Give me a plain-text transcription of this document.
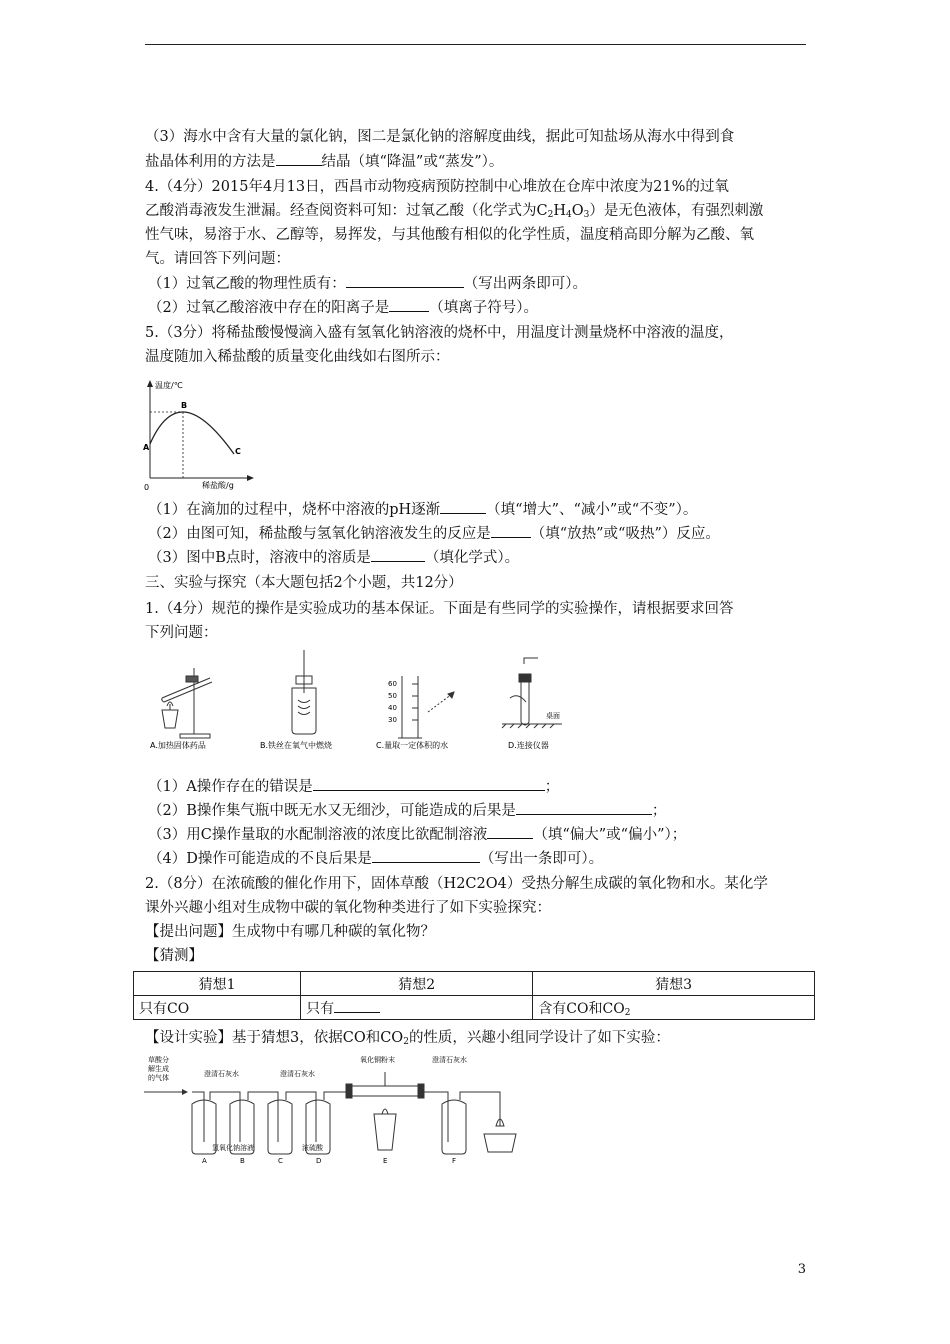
（3）海水中含有大量的氯化钠，图二是氯化钠的溶解度曲线，据此可知盐场从海水中得到食
盐晶体利用的方法是	结晶（填“降温”或“蒸发”）。
4.（4分）2015年4月13日，西昌市动物疫病预防控制中心堆放在仓库中浓度为21%的过氧
乙酸消毒液发生泄漏。经查阅资料可知：过氧乙酸（化学式为$C_2H_4O_3$）是无色液体，有强烈刺激
性气味，易溶于水、乙醇等，易挥发，与其他酸有相似的化学性质，温度稍高即分解为乙酸、氧
气。请回答下列问题：
（1）过氧乙酸的物理性质有：	（写出两条即可）。
（2）过氧乙酸溶液中存在的阳离子是	（填离子符号）。
5.（3分）将稀盐酸慢慢滴入盛有氢氧化钠溶液的烧杯中，用温度计测量烧杯中溶液的温度，
温度随加入稀盐酸的质量变化曲线如右图所示：
温度/℃
稀盐酸/g
0
A
B
C
（1）在滴加的过程中，烧杯中溶液的pH逐渐	（填“增大”、“减小”或“不变”）。
（2）由图可知，稀盐酸与氢氧化钠溶液发生的反应是	（填“放热”或“吸热”）反应。
（3）图中B点时，溶液中的溶质是	（填化学式）。
三、实验与探究（本大题包括2个小题，共12分）
1.（4分）规范的操作是实验成功的基本保证。下面是有些同学的实验操作，请根据要求回答
下列问题：
A.加热固体药品	B.铁丝在氧气中燃烧
60
50
40
30
C.量取一定体积的水
桌面
D.连接仪器
（1）A操作存在的错误是	；
（2）B操作集气瓶中既无水又无细沙，可能造成的后果是	；
（3）用C操作量取的水配制溶液的浓度比欲配制溶液	（填“偏大”或“偏小”）；
（4）D操作可能造成的不良后果是	（写出一条即可）。
2.（8分）在浓硫酸的催化作用下，固体草酸（H2C2O4）受热分解生成碳的氧化物和水。某化学
课外兴趣小组对生成物中碳的氧化物种类进行了如下实验探究：
【提出问题】生成物中有哪几种碳的氧化物？
【猜测】
猜想1	猜想2	猜想3
只有CO	只有	含有CO和$CO_2$
【设计实验】基于猜想3，依据CO和$CO_2$的性质，兴趣小组同学设计了如下实验：
草酸分
解生成
的气体	澄清石灰水	澄清石灰水
氧化铜粉末	澄清石灰水
氢氧化钠溶液	浓硫酸
A	B	C	D	E	F
3
